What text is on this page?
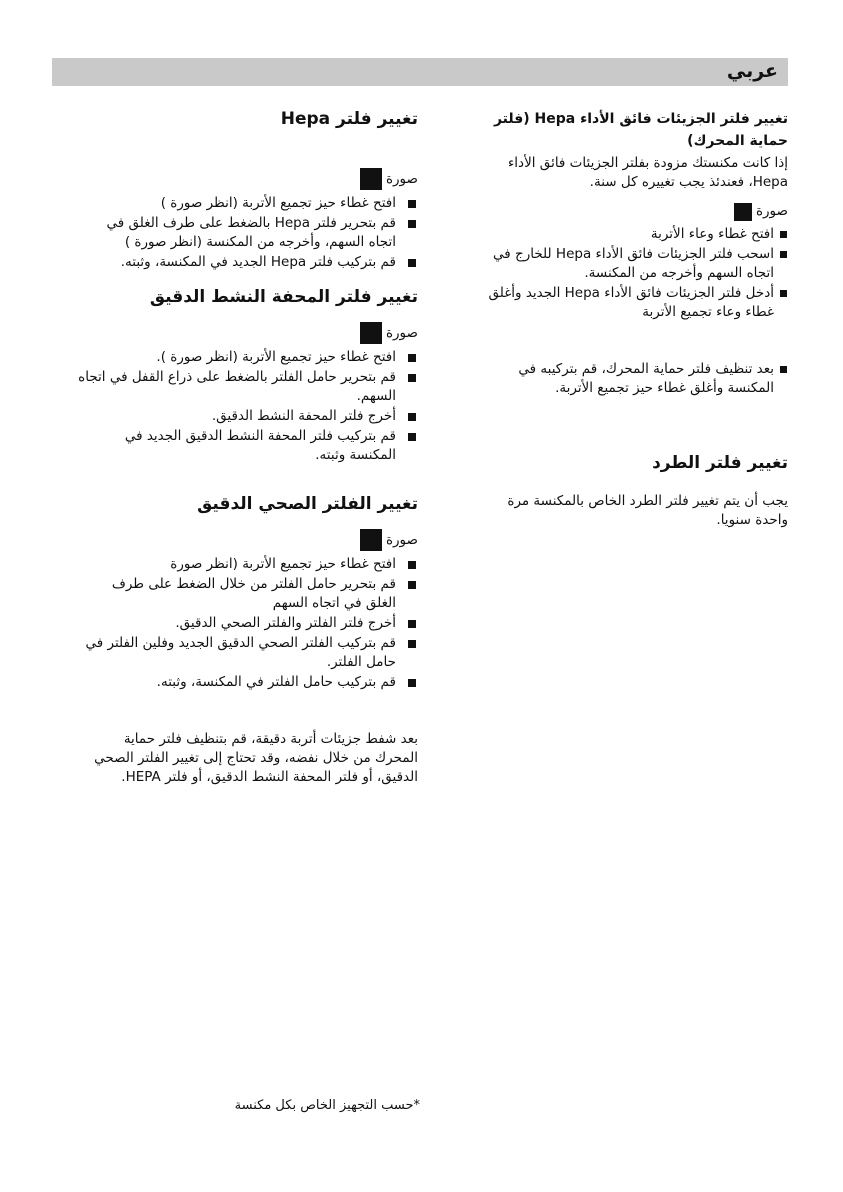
عربي
تغيير فلتر الجزيئات فائق الأداء Hepa (فلتر حماية المحرك)

إذا كانت مكنستك مزودة بفلتر الجزيئات فائق الأداء Hepa، فعندئذ يجب تغييره كل سنة.

صورة
افتح غطاء وعاء الأتربة
اسحب فلتر الجزيئات فائق الأداء Hepa للخارج في اتجاه السهم وأخرجه من المكنسة.
أدخل فلتر الجزيئات فائق الأداء Hepa الجديد وأغلق غطاء وعاء تجميع الأتربة
بعد تنظيف فلتر حماية المحرك، قم بتركيبه في المكنسة وأغلق غطاء حيز تجميع الأتربة.
تغيير فلتر الطرد

يجب أن يتم تغيير فلتر الطرد الخاص بالمكنسة مرة واحدة سنويا.

تغيير فلتر Hepa
صورة
افتح غطاء حيز تجميع الأتربة (انظر صورة )
قم بتحرير فلتر Hepa بالضغط على طرف الغلق في اتجاه السهم، وأخرجه من المكنسة (انظر صورة )
قم بتركيب فلتر Hepa الجديد في المكنسة، وثبته.
تغيير فلتر المحفة النشط الدقيق
صورة
افتح غطاء حيز تجميع الأتربة (انظر صورة ).
قم بتحرير حامل الفلتر بالضغط على ذراع القفل في اتجاه السهم.
أخرج فلتر المحفة النشط الدقيق.
قم بتركيب فلتر المحفة النشط الدقيق الجديد في المكنسة وثبته.
تغيير الفلتر الصحي الدقيق
صورة
افتح غطاء حيز تجميع الأتربة (انظر صورة
قم بتحرير حامل الفلتر من خلال الضغط على طرف الغلق في اتجاه السهم
أخرج فلتر الفلتر والفلتر الصحي الدقيق.
قم بتركيب الفلتر الصحي الدقيق الجديد وفلين الفلتر في حامل الفلتر.
قم بتركيب حامل الفلتر في المكنسة، وثبته.

بعد شفط جزيئات أتربة دقيقة، قم بتنظيف فلتر حماية المحرك من خلال نفضه، وقد تحتاج إلى تغيير الفلتر الصحي الدقيق، أو فلتر المحفة النشط الدقيق، أو فلتر HEPA.

*حسب التجهيز الخاص بكل مكنسة
